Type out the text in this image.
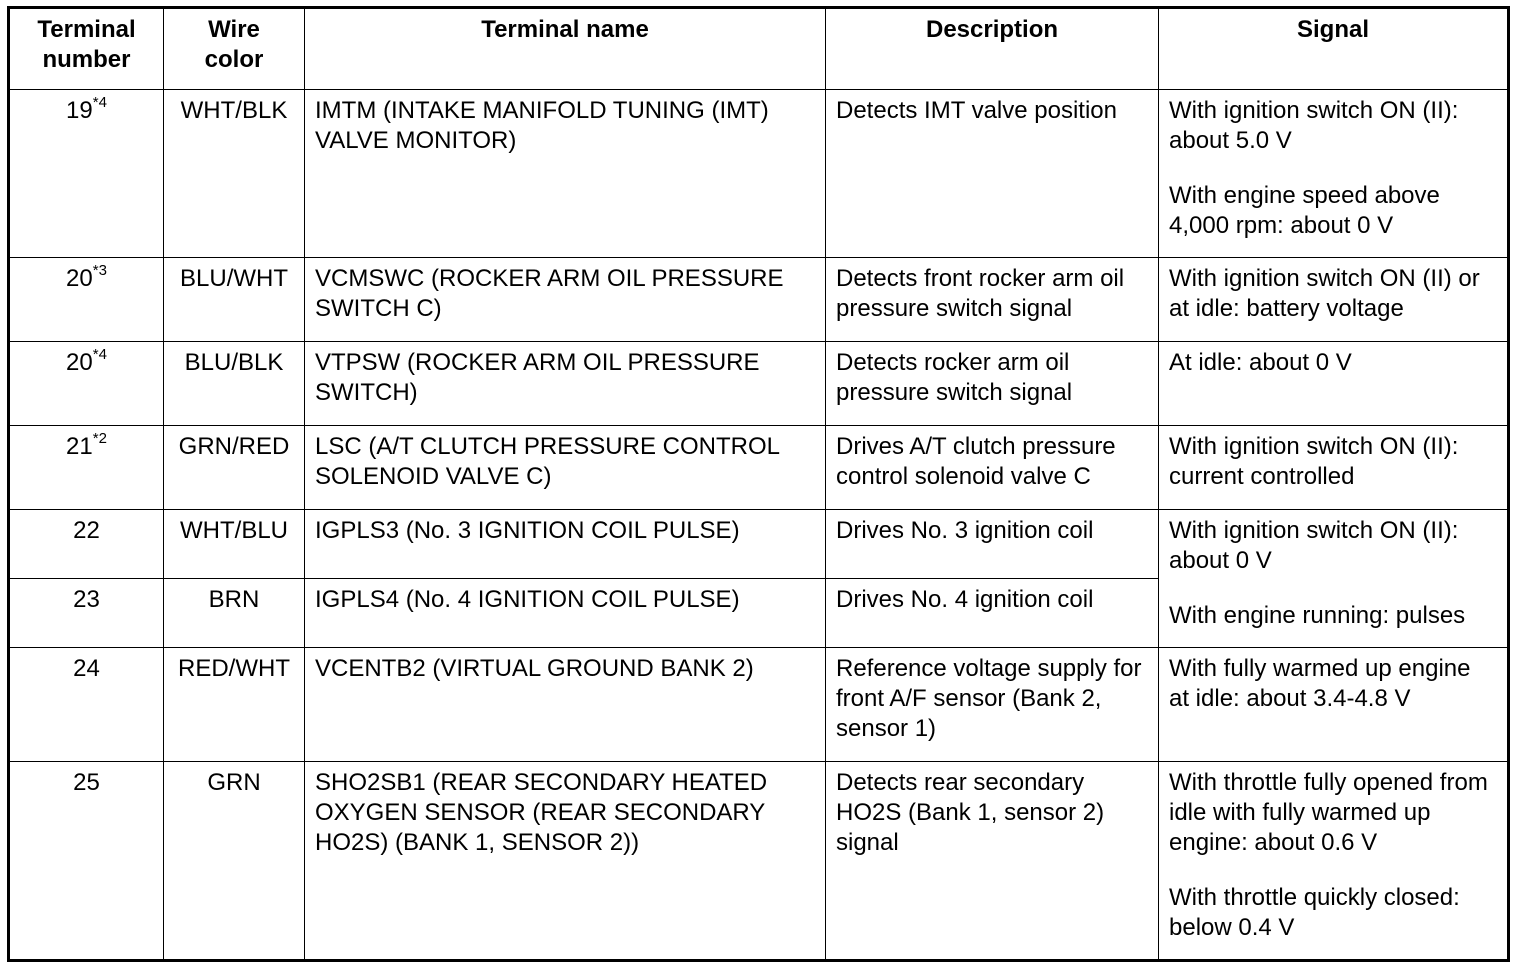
Terminal
number	Wire
color	Terminal name	Description	Signal
19$^{*4}$	WHT/BLK	IMTM (INTAKE MANIFOLD TUNING (IMT) VALVE MONITOR)	Detects IMT valve position	With ignition switch ON (II): about 5.0 V
With engine speed above 4,000 rpm: about 0 V

20$^{*3}$	BLU/WHT	VCMSWC (ROCKER ARM OIL PRESSURE SWITCH C)	Detects front rocker arm oil pressure switch signal	With ignition switch ON (II) or at idle: battery voltage

20$^{*4}$	BLU/BLK	VTPSW (ROCKER ARM OIL PRESSURE SWITCH)	Detects rocker arm oil pressure switch signal	At idle: about 0 V

21$^{*2}$	GRN/RED	LSC (A/T CLUTCH PRESSURE CONTROL SOLENOID VALVE C)	Drives A/T clutch pressure control solenoid valve C	With ignition switch ON (II): current controlled

22	WHT/BLU	IGPLS3 (No. 3 IGNITION COIL PULSE)	Drives No. 3 ignition coil	With ignition switch ON (II): about 0 V
With engine running: pulses

23	BRN	IGPLS4 (No. 4 IGNITION COIL PULSE)	Drives No. 4 ignition coil	
24	RED/WHT	VCENTB2 (VIRTUAL GROUND BANK 2)	Reference voltage supply for front A/F sensor (Bank 2, sensor 1)	With fully warmed up engine at idle: about 3.4-4.8 V

25	GRN	SHO2SB1 (REAR SECONDARY HEATED OXYGEN SENSOR (REAR SECONDARY HO2S) (BANK 1, SENSOR 2))	Detects rear secondary HO2S (Bank 1, sensor 2) signal	With throttle fully opened from idle with fully warmed up engine: about 0.6 V
With throttle quickly closed: below 0.4 V
